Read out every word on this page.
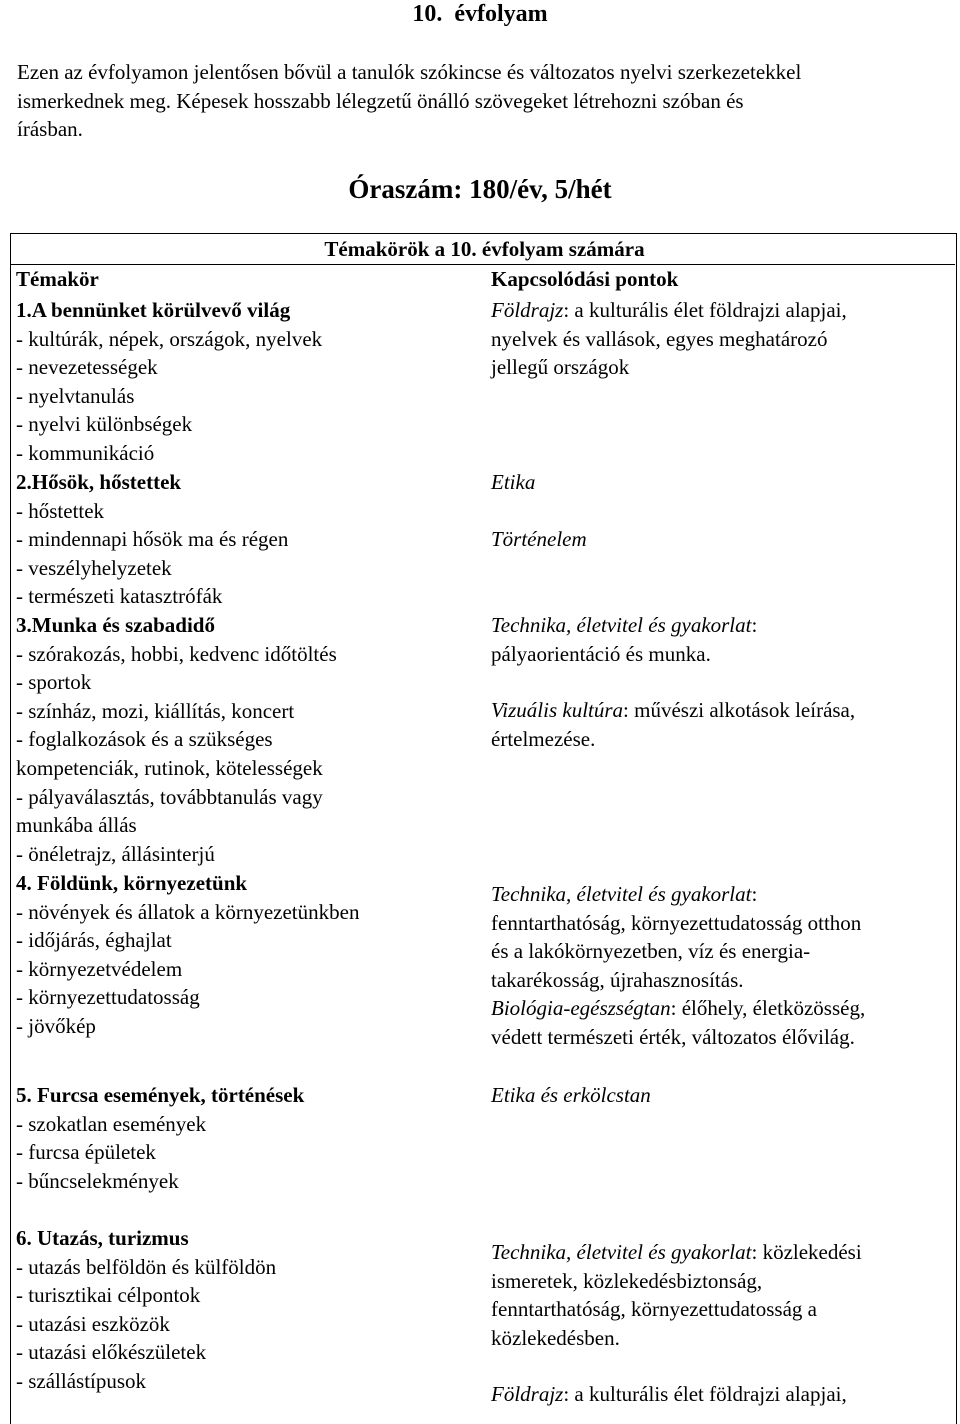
10. évfolyam
Ezen az évfolyamon jelentősen bővül a tanulók szókincse és változatos nyelvi szerkezetekkel
ismerkednek meg. Képesek hosszabb lélegzetű önálló szövegeket létrehozni szóban és
írásban.
Óraszám: 180/év, 5/hét
Témakörök a 10. évfolyam számára
Témakör	Kapcsolódási pontok
1.A bennünket körülvevő világ
- kultúrák, népek, országok, nyelvek
- nevezetességek
- nyelvtanulás
- nyelvi különbségek
- kommunikáció
Földrajz: a kulturális élet földrajzi alapjai,
nyelvek és vallások, egyes meghatározó
jellegű országok
2.Hősök, hőstettek
- hőstettek
- mindennapi hősök ma és régen
- veszélyhelyzetek
- természeti katasztrófák
Etika
Történelem
3.Munka és szabadidő
- szórakozás, hobbi, kedvenc időtöltés
- sportok
- színház, mozi, kiállítás, koncert
- foglalkozások és a szükséges
kompetenciák, rutinok, kötelességek
- pályaválasztás, továbbtanulás vagy
munkába állás
- önéletrajz, állásinterjú
Technika, életvitel és gyakorlat:
pályaorientáció és munka.
Vizuális kultúra: művészi alkotások leírása,
értelmezése.
4. Földünk, környezetünk
- növények és állatok a környezetünkben
- időjárás, éghajlat
- környezetvédelem
- környezettudatosság
- jövőkép
Technika, életvitel és gyakorlat:
fenntarthatóság, környezettudatosság otthon
és a lakókörnyezetben, víz és energia-
takarékosság, újrahasznosítás.
Biológia-egészségtan: élőhely, életközösség,
védett természeti érték, változatos élővilág.
5. Furcsa események, történések
- szokatlan események
- furcsa épületek
- bűncselekmények
Etika és erkölcstan
6. Utazás, turizmus
- utazás belföldön és külföldön
- turisztikai célpontok
- utazási eszközök
- utazási előkészületek
- szállástípusok
Technika, életvitel és gyakorlat: közlekedési
ismeretek, közlekedésbiztonság,
fenntarthatóság, környezettudatosság a
közlekedésben.
Földrajz: a kulturális élet földrajzi alapjai,
